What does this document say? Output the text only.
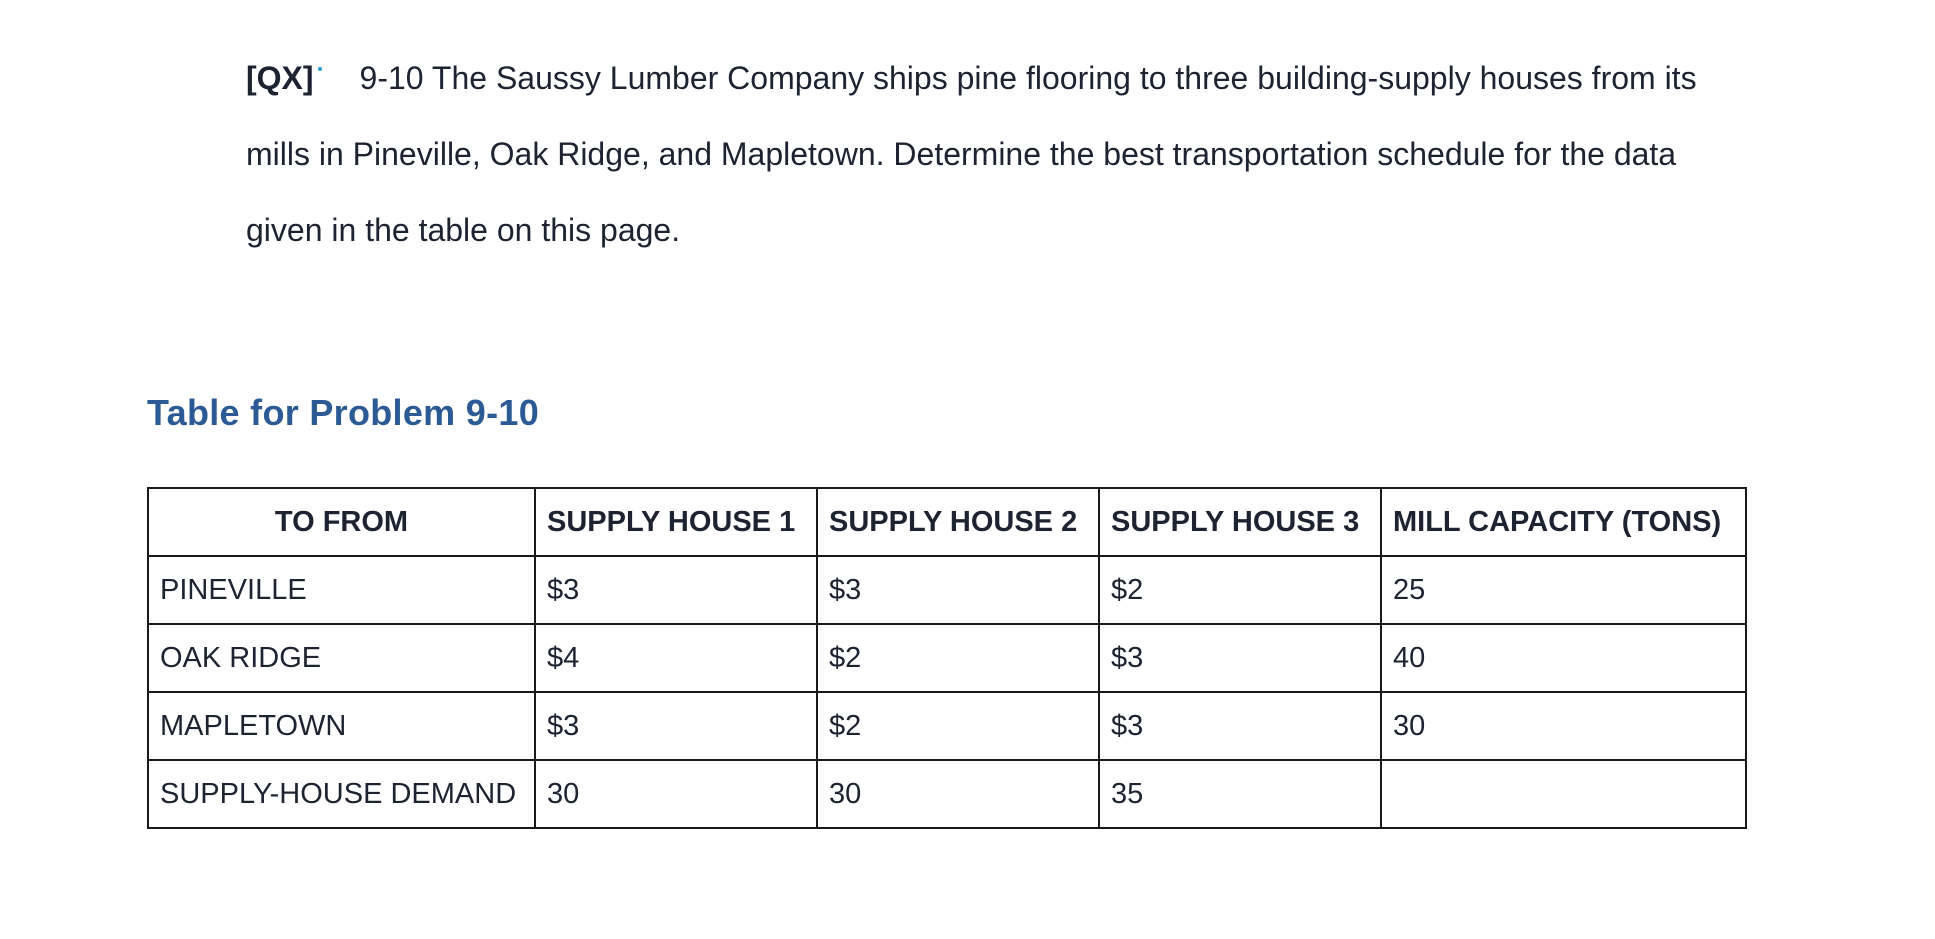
[QX] 9-10 The Saussy Lumber Company ships pine flooring to three building-supply houses from its mills in Pineville, Oak Ridge, and Mapletown. Determine the best transportation schedule for the data given in the table on this page.
Table for Problem 9-10
TO FROM	SUPPLY HOUSE 1	SUPPLY HOUSE 2	SUPPLY HOUSE 3	MILL CAPACITY (TONS)
PINEVILLE	$3	$3	$2	25
OAK RIDGE	$4	$2	$3	40
MAPLETOWN	$3	$2	$3	30
SUPPLY-HOUSE DEMAND	30	30	35	
